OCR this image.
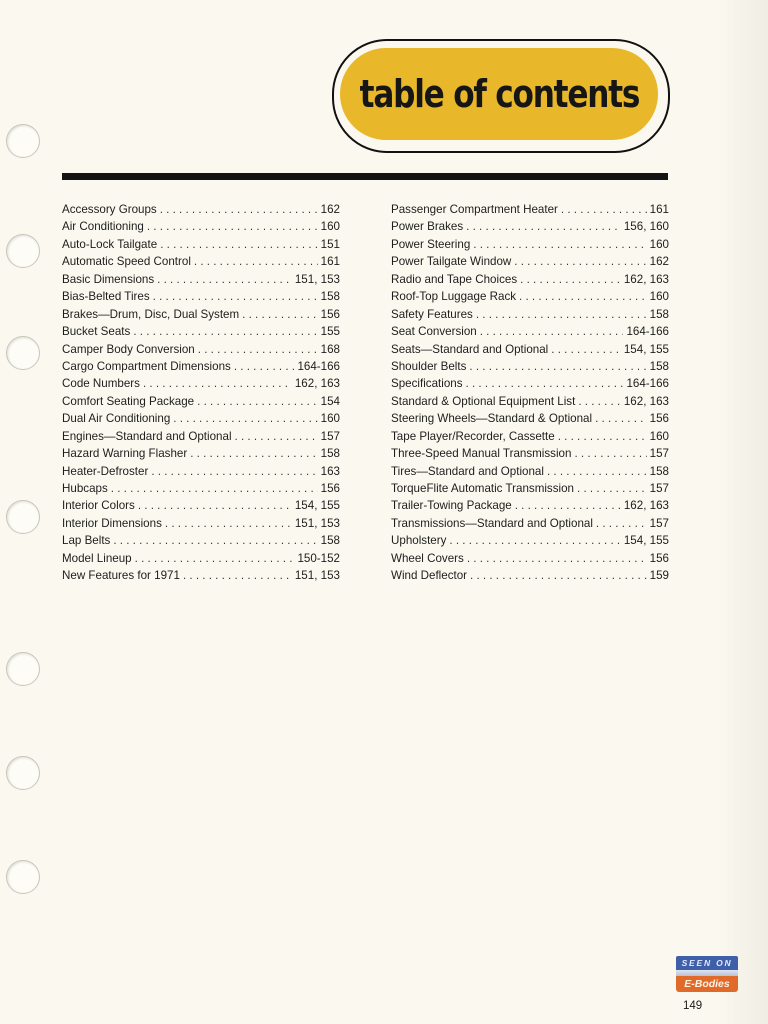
table of contents
Accessory Groups . . .	162
Air Conditioning . . .	160
Auto-Lock Tailgate . . .	151
Automatic Speed Control . . .	161
Basic Dimensions . . .	151, 153
Bias-Belted Tires . . .	158
Brakes—Drum, Disc, Dual System . . .	156
Bucket Seats . . .	155
Camper Body Conversion . . .	168
Cargo Compartment Dimensions . . .	164-166
Code Numbers . . .	162, 163
Comfort Seating Package . . .	154
Dual Air Conditioning . . .	160
Engines—Standard and Optional . . .	157
Hazard Warning Flasher . . .	158
Heater-Defroster . . .	163
Hubcaps . . .	156
Interior Colors . . .	154, 155
Interior Dimensions . . .	151, 153
Lap Belts . . .	158
Model Lineup . . .	150-152
New Features for 1971 . . .	151, 153
Passenger Compartment Heater . . .	161
Power Brakes . . .	156, 160
Power Steering . . .	160
Power Tailgate Window . . .	162
Radio and Tape Choices . . .	162, 163
Roof-Top Luggage Rack . . .	160
Safety Features . . .	158
Seat Conversion . . .	164-166
Seats—Standard and Optional . . .	154, 155
Shoulder Belts . . .	158
Specifications . . .	164-166
Standard & Optional Equipment List . . .	162, 163
Steering Wheels—Standard & Optional . . .	156
Tape Player/Recorder, Cassette . . .	160
Three-Speed Manual Transmission . . .	157
Tires—Standard and Optional . . .	158
TorqueFlite Automatic Transmission . . .	157
Trailer-Towing Package . . .	162, 163
Transmissions—Standard and Optional . . .	157
Upholstery . . .	154, 155
Wheel Covers . . .	156
Wind Deflector . . .	159
SEEN ON
E-Bodies
149
